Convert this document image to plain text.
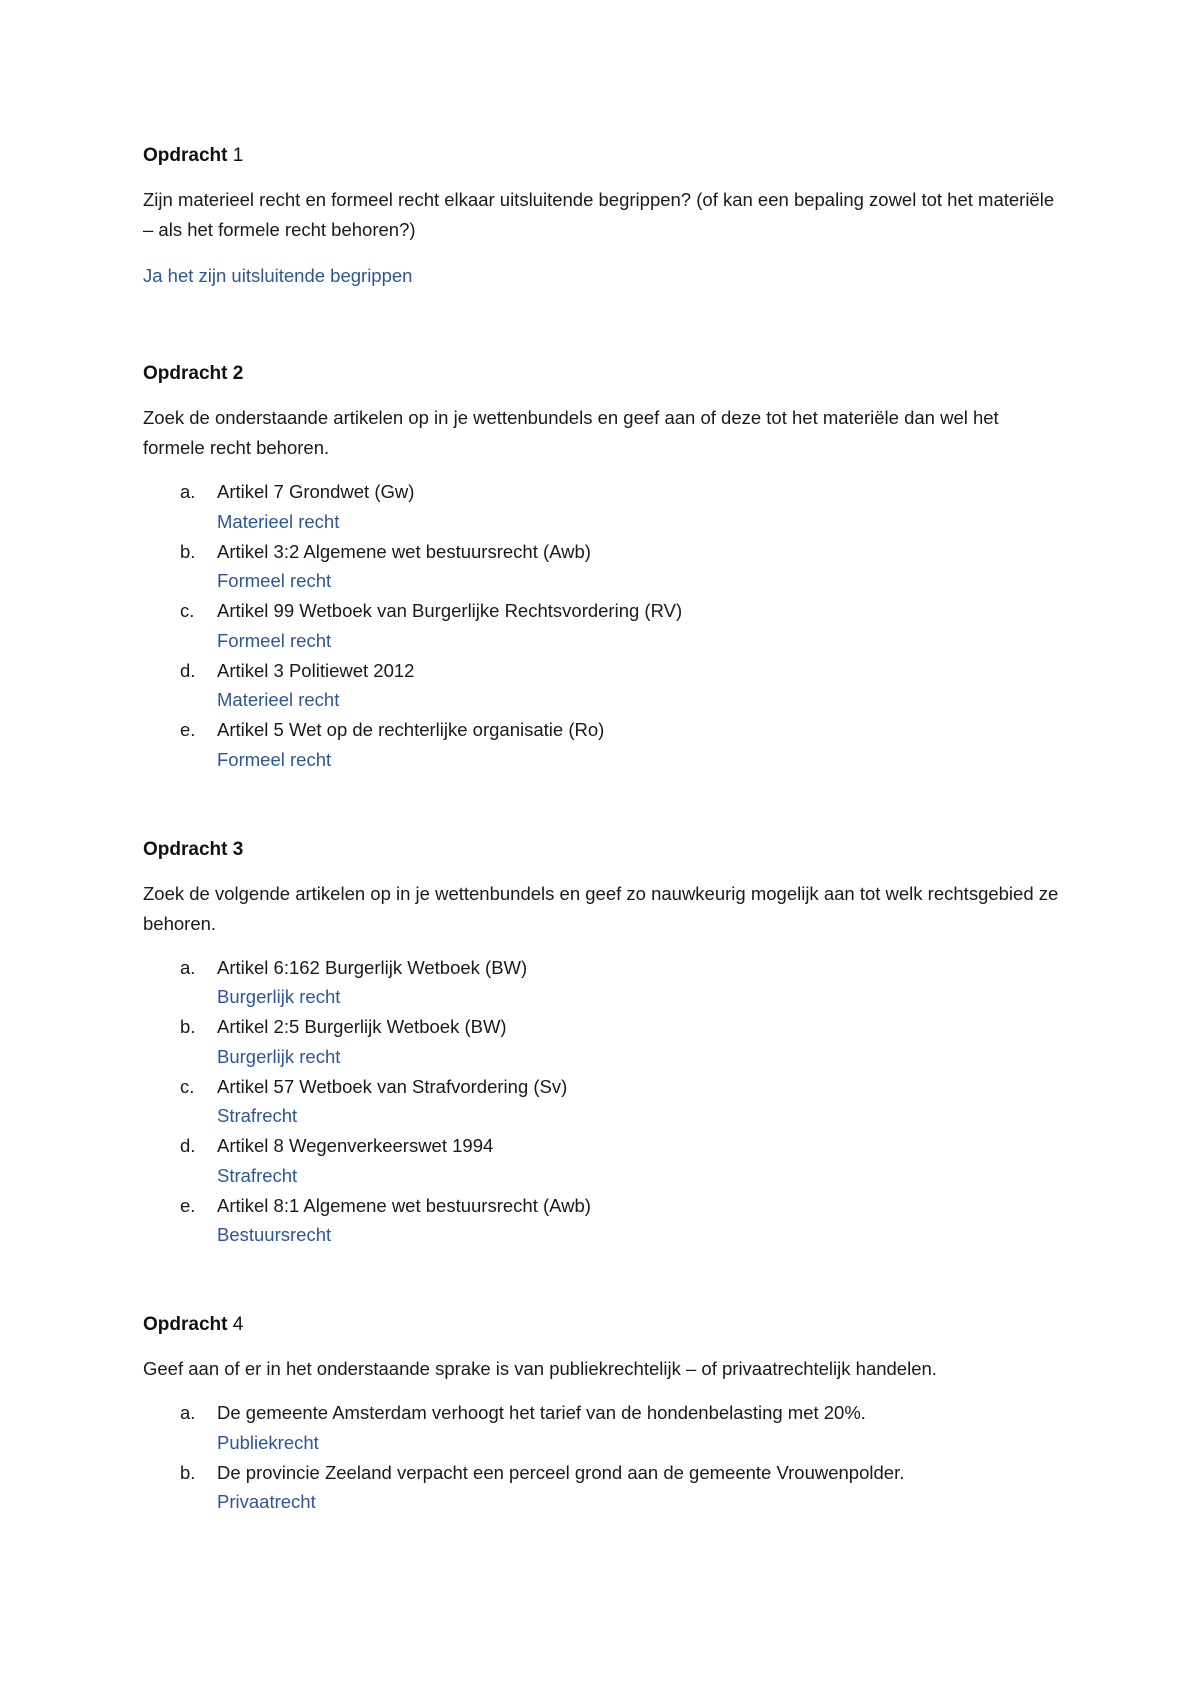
Opdracht 1

Zijn materieel recht en formeel recht elkaar uitsluitende begrippen? (of kan een bepaling zowel tot het materiële – als het formele recht behoren?)

Ja het zijn uitsluitende begrippen

Opdracht 2

Zoek de onderstaande artikelen op in je wettenbundels en geef aan of deze tot het materiële dan wel het formele recht behoren.

a. Artikel 7 Grondwet (Gw)
Materieel recht
b. Artikel 3:2 Algemene wet bestuursrecht (Awb)
Formeel recht
c. Artikel 99 Wetboek van Burgerlijke Rechtsvordering (RV)
Formeel recht
d. Artikel 3 Politiewet 2012
Materieel recht
e. Artikel 5 Wet op de rechterlijke organisatie (Ro)
Formeel recht

Opdracht 3

Zoek de volgende artikelen op in je wettenbundels en geef zo nauwkeurig mogelijk aan tot welk rechtsgebied ze behoren.

a. Artikel 6:162 Burgerlijk Wetboek (BW)
Burgerlijk recht
b. Artikel 2:5 Burgerlijk Wetboek (BW)
Burgerlijk recht
c. Artikel 57 Wetboek van Strafvordering (Sv)
Strafrecht
d. Artikel 8 Wegenverkeerswet 1994
Strafrecht
e. Artikel 8:1 Algemene wet bestuursrecht (Awb)
Bestuursrecht

Opdracht 4

Geef aan of er in het onderstaande sprake is van publiekrechtelijk – of privaatrechtelijk handelen.

a. De gemeente Amsterdam verhoogt het tarief van de hondenbelasting met 20%.
Publiekrecht
b. De provincie Zeeland verpacht een perceel grond aan de gemeente Vrouwenpolder.
Privaatrecht
